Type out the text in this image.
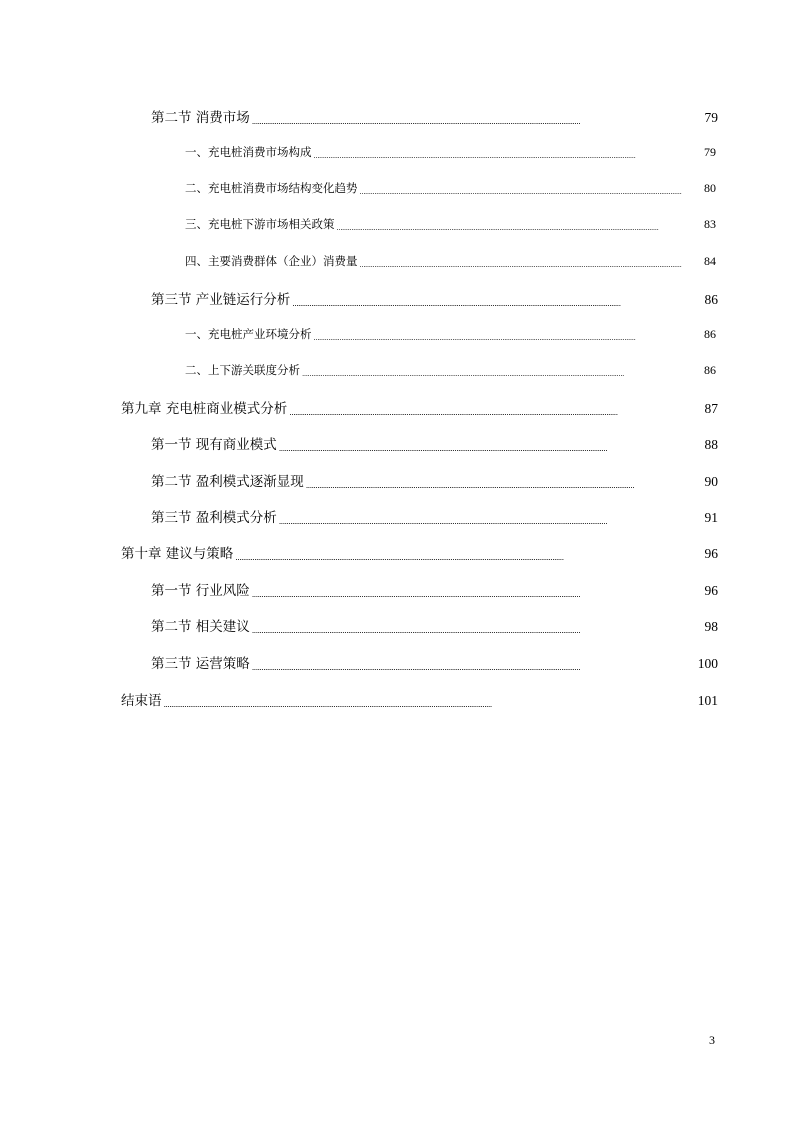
第二节 消费市场 . . .	79
一、充电桩消费市场构成 . . .	79
二、充电桩消费市场结构变化趋势 . . .	80
三、充电桩下游市场相关政策 . . .	83
四、主要消费群体（企业）消费量 . . .	84
第三节 产业链运行分析 . . .	86
一、充电桩产业环境分析 . . .	86
二、上下游关联度分析 . . .	86
第九章 充电桩商业模式分析 . . .	87
第一节 现有商业模式 . . .	88
第二节 盈利模式逐渐显现 . . .	90
第三节 盈利模式分析 . . .	91
第十章 建议与策略 . . .	96
第一节 行业风险 . . .	96
第二节 相关建议 . . .	98
第三节 运营策略 . . .	100
结束语 . . .	101
3
